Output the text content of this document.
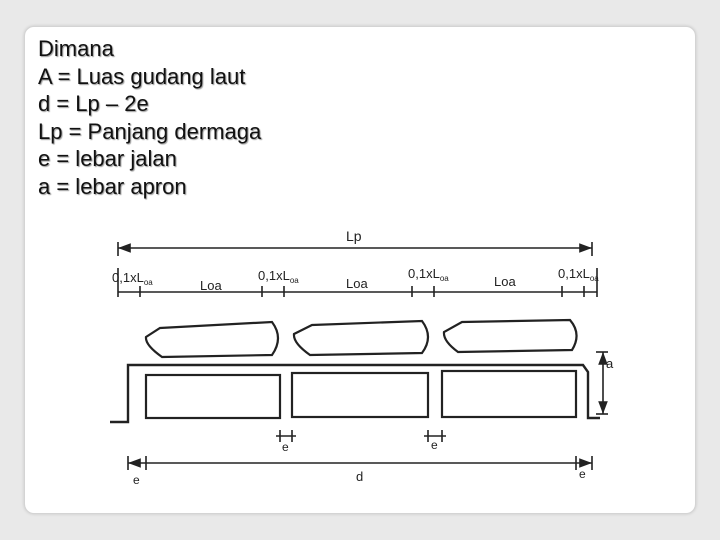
Dimana
A = Luas gudang laut
d = Lp – 2e
Lp = Panjang dermaga
e = lebar jalan
a = lebar apron
Lp
$0,1xL_{oa}$	$0,1xL_{oa}$	$0,1xL_{oa}$	$0,1xL_{oa}$
Loa	Loa	Loa
a
e	e
e	d	e
